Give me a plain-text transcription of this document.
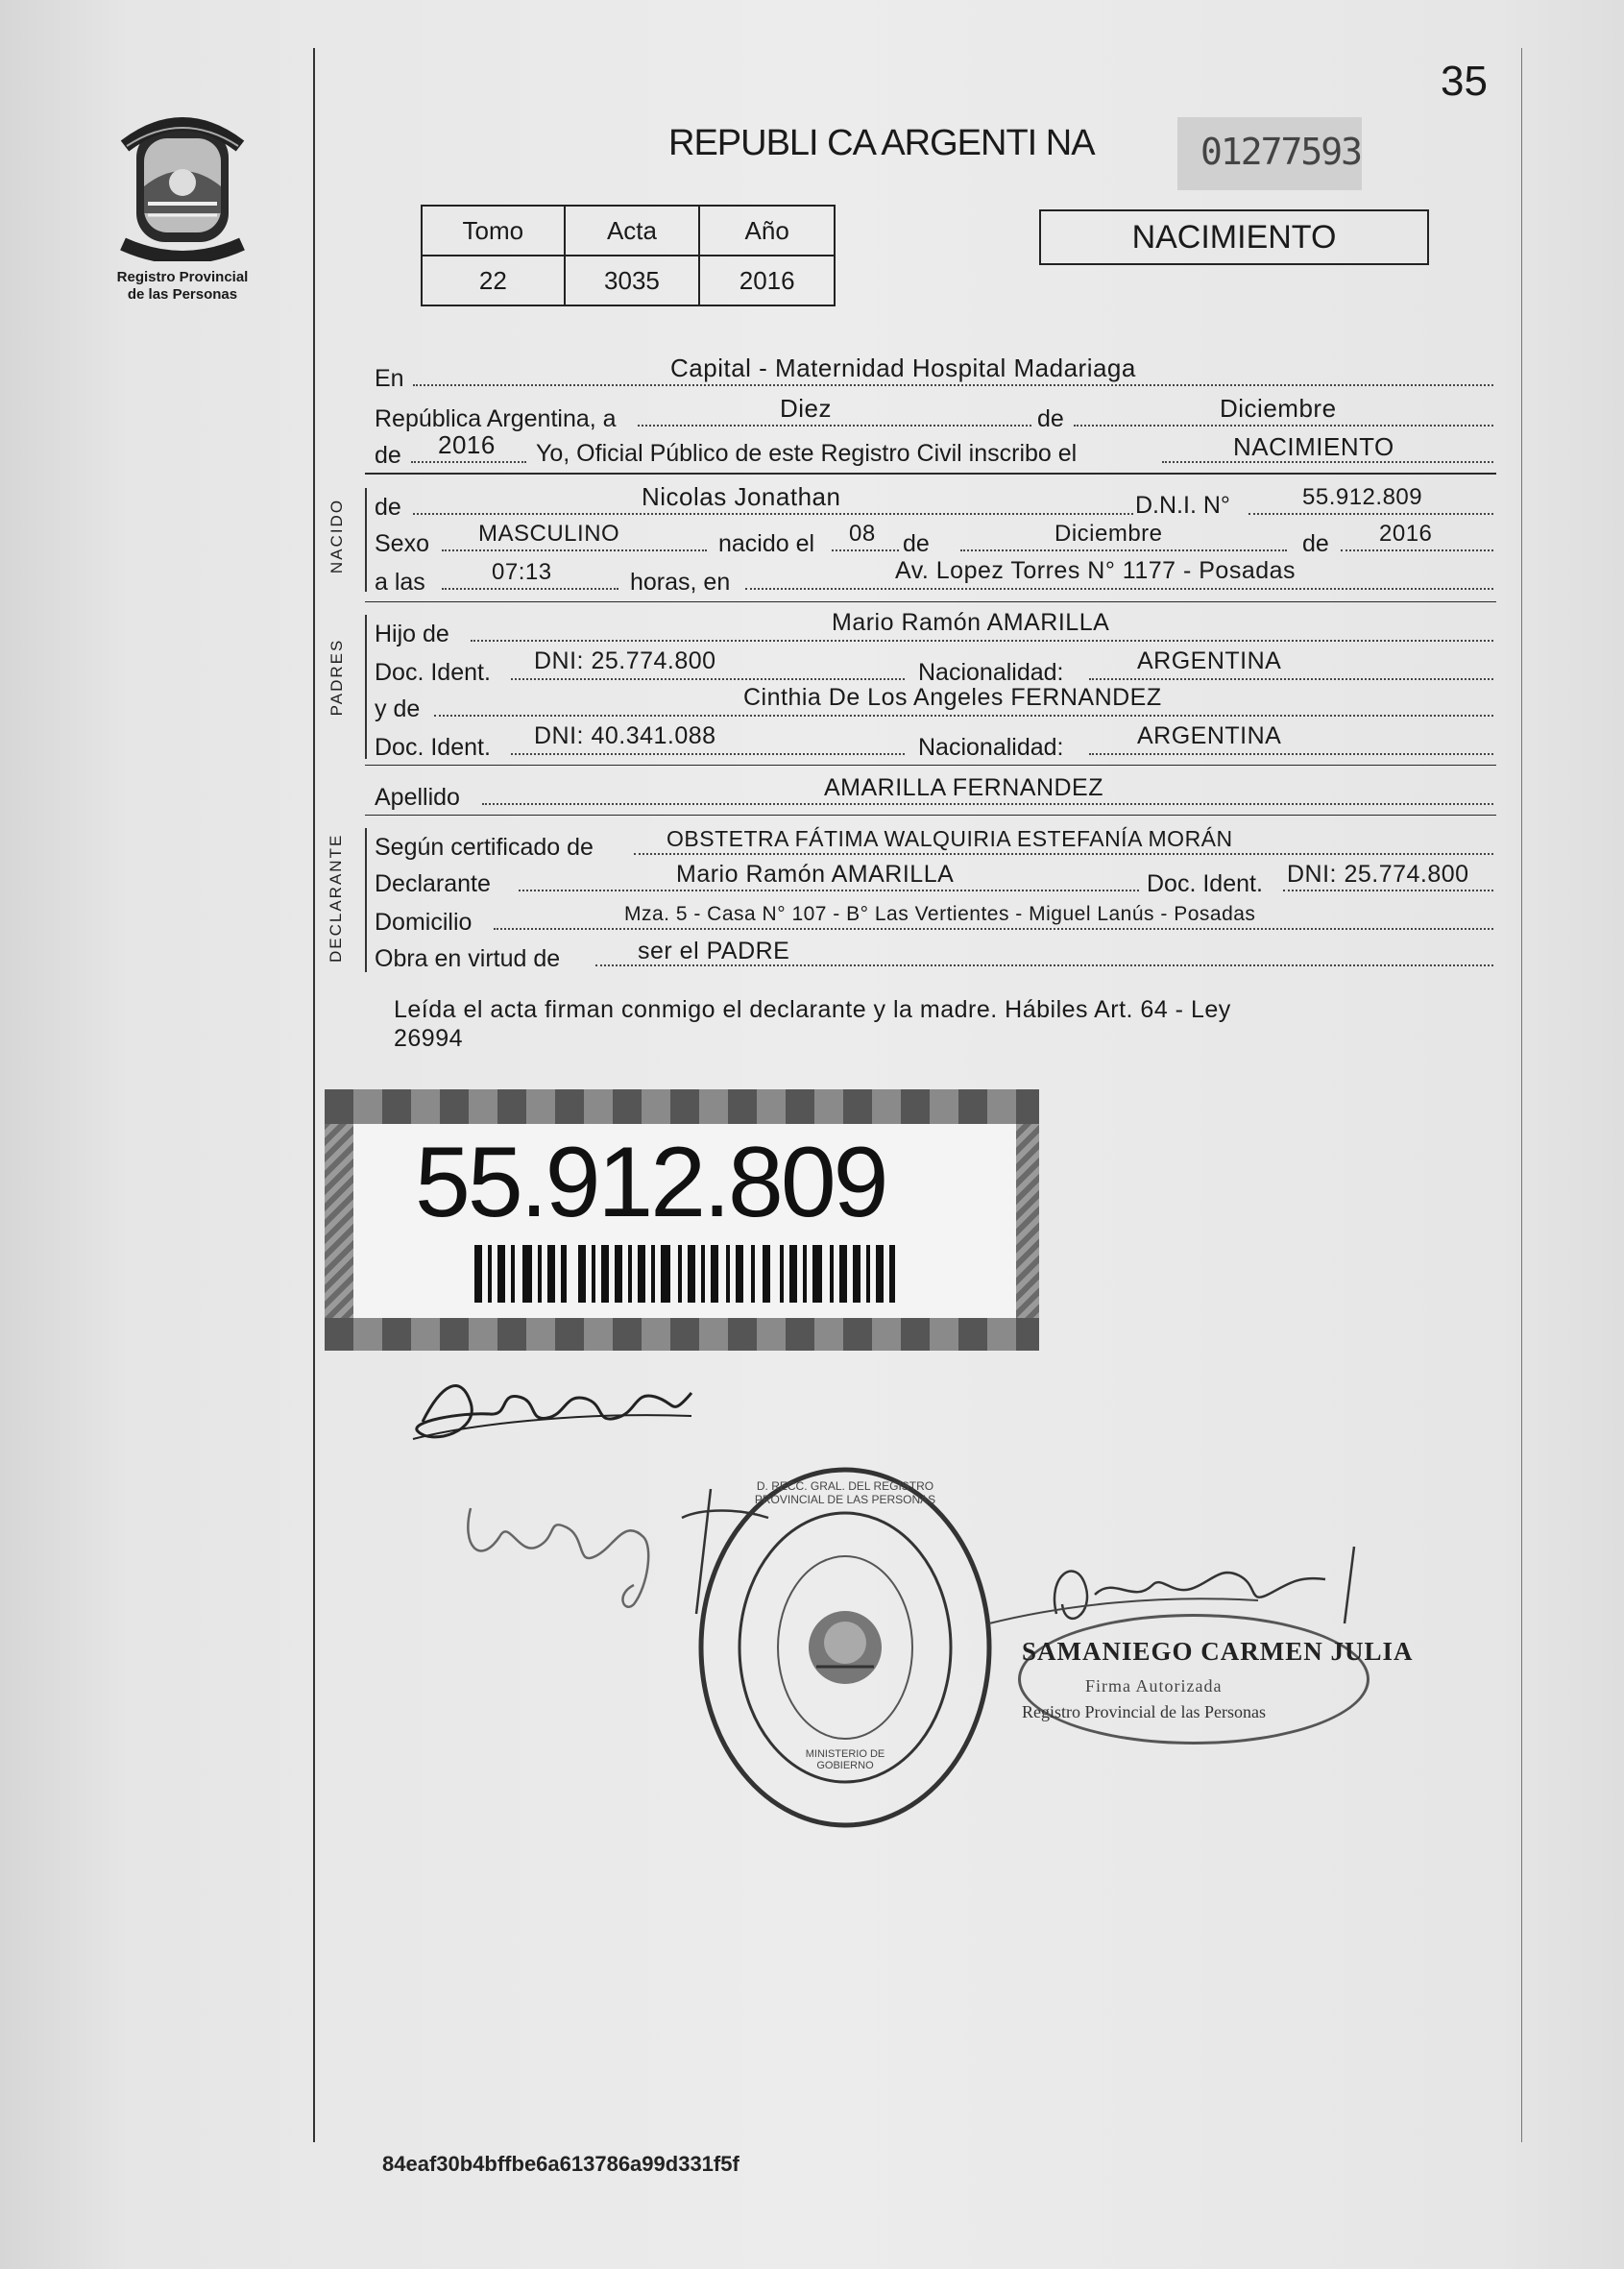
35
Registro Provincial
de las Personas
REPUBLI CA ARGENTI NA	01277593
Tomo	Acta	Año
22	3035	2016
NACIMIENTO
En	Capital - Maternidad Hospital Madariaga
República Argentina, a	Diez	de	Diciembre
de 2016 Yo, Oficial Público de este Registro Civil inscribo el	NACIMIENTO
NACIDO de	Nicolas Jonathan	D.N.I. N°	55.912.809
Sexo MASCULINO	nacido el 08 de	Diciembre	de 2016
a las	07:13	horas, en	Av. Lopez Torres N° 1177 - Posadas
PADRES
Hijo de	Mario Ramón AMARILLA
Doc. Ident. DNI: 25.774.800	Nacionalidad:	ARGENTINA
y de	Cinthia De Los Angeles FERNANDEZ
Doc. Ident. DNI: 40.341.088	Nacionalidad:	ARGENTINA
Apellido	AMARILLA FERNANDEZ
DECLARANTE Según certificado de	OBSTETRA FÁTIMA WALQUIRIA ESTEFANÍA MORÁN
Declarante	Mario Ramón AMARILLA	Doc. Ident. DNI: 25.774.800
Domicilio	Mza. 5 - Casa N° 107 - B° Las Vertientes - Miguel Lanús - Posadas
Obra en virtud de	ser el PADRE
Leída el acta firman conmigo el declarante y la madre. Hábiles Art. 64 - Ley
26994
55.912.809
D. RECC. GRAL. DEL REGISTRO PROVINCIAL DE LAS PERSONAS
MINISTERIO DE GOBIERNO
SAMANIEGO CARMEN JULIA
Firma Autorizada
Registro Provincial de las Personas
84eaf30b4bffbe6a613786a99d331f5f
